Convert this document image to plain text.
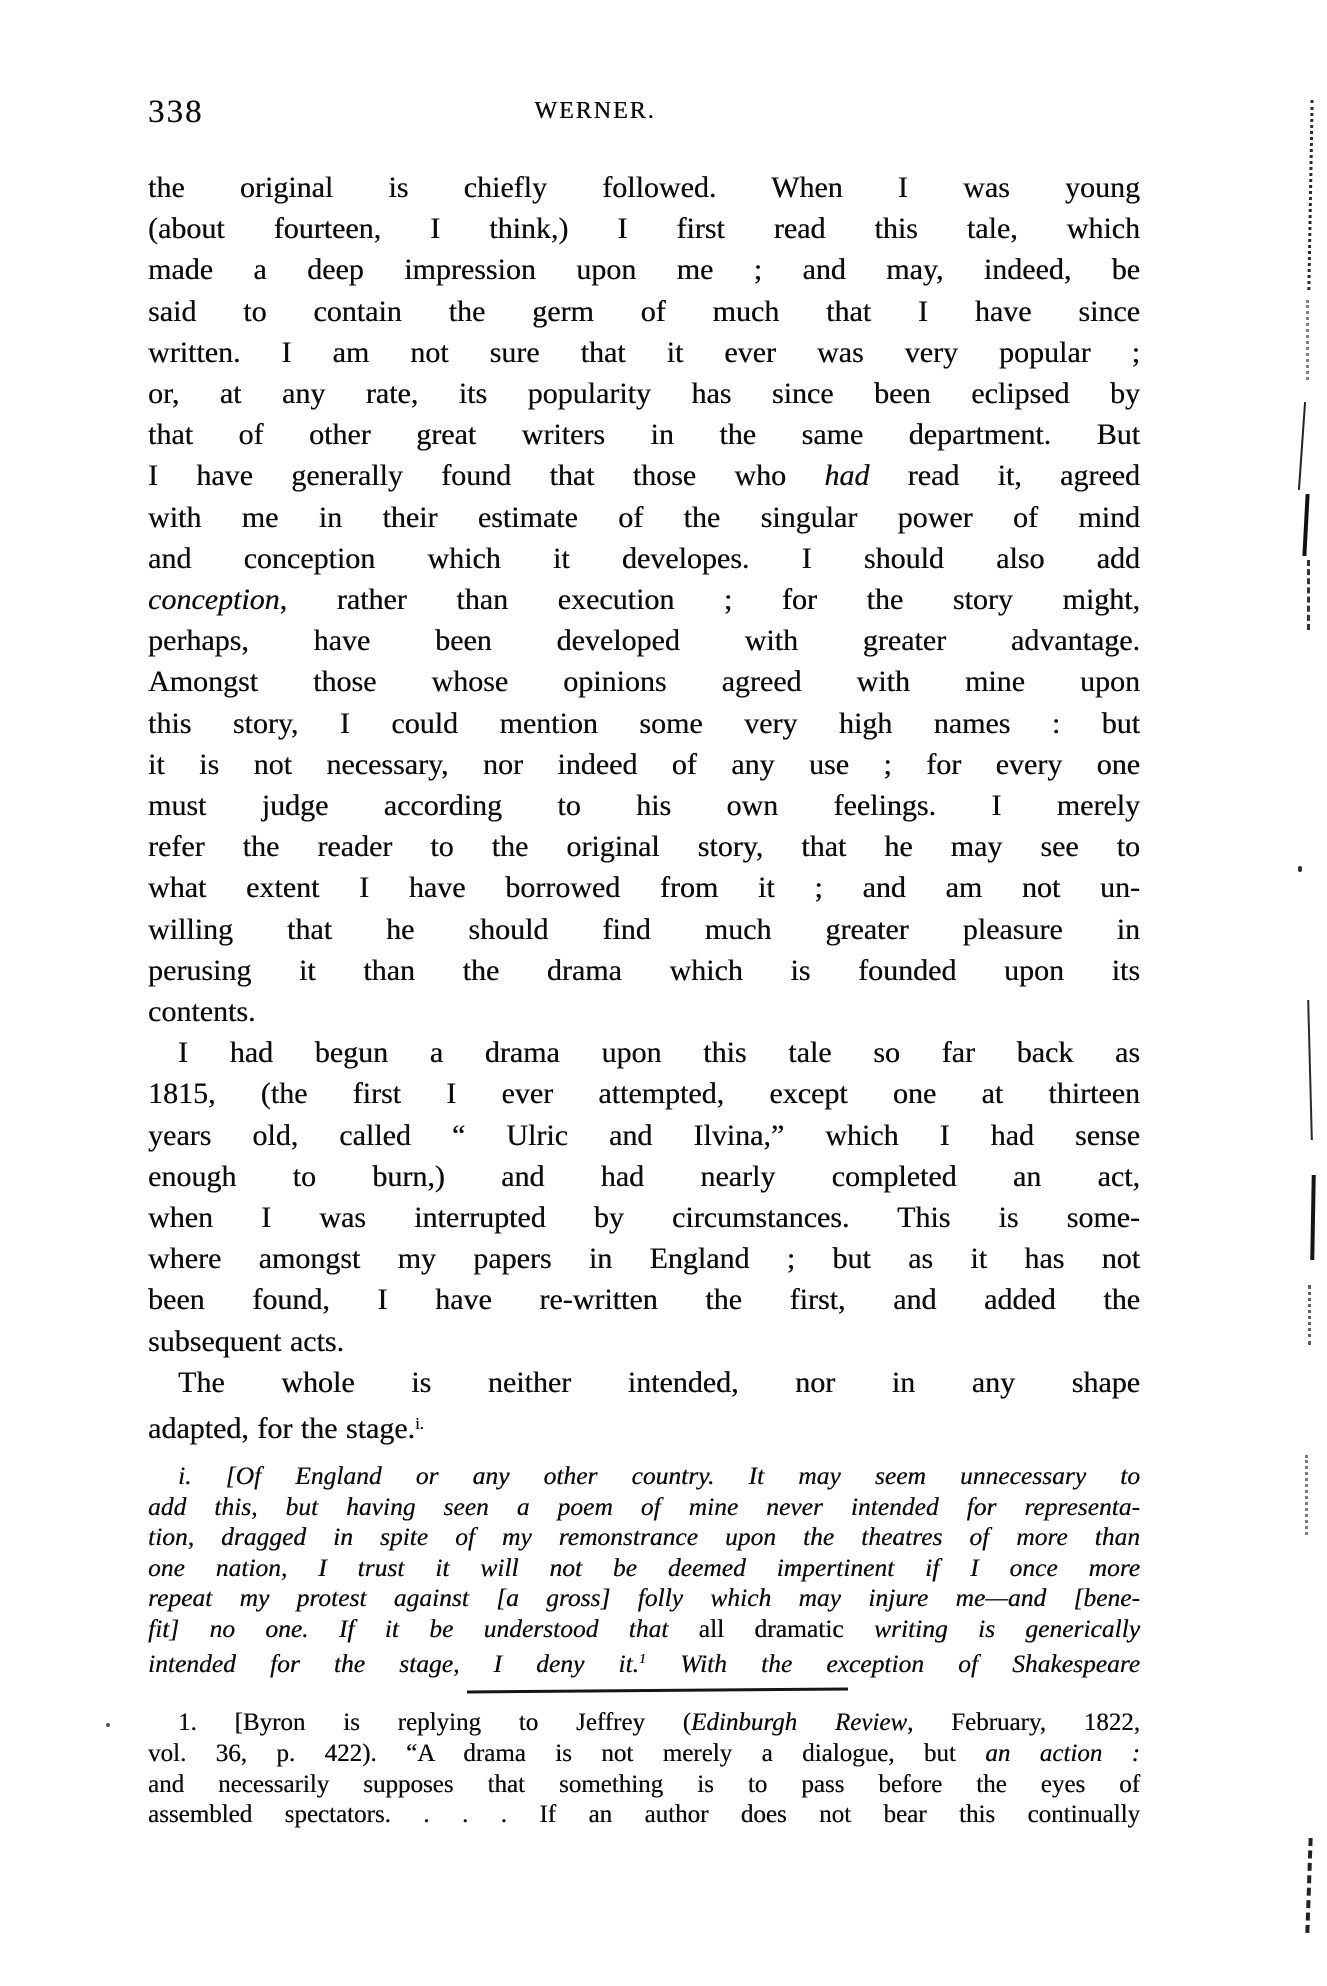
338	WERNER.
the original is chiefly followed. When I was young
(about fourteen, I think,) I first read this tale, which
made a deep impression upon me ; and may, indeed, be
said to contain the germ of much that I have since
written. I am not sure that it ever was very popular ;
or, at any rate, its popularity has since been eclipsed by
that of other great writers in the same department. But
I have generally found that those who had read it, agreed
with me in their estimate of the singular power of mind
and conception which it developes. I should also add
conception, rather than execution ; for the story might,
perhaps, have been developed with greater advantage.
Amongst those whose opinions agreed with mine upon
this story, I could mention some very high names : but
it is not necessary, nor indeed of any use ; for every one
must judge according to his own feelings. I merely
refer the reader to the original story, that he may see to
what extent I have borrowed from it ; and am not un-
willing that he should find much greater pleasure in
perusing it than the drama which is founded upon its
contents.
I had begun a drama upon this tale so far back as
1815, (the first I ever attempted, except one at thirteen
years old, called “ Ulric and Ilvina,” which I had sense
enough to burn,) and had nearly completed an act,
when I was interrupted by circumstances. This is some-
where amongst my papers in England ; but as it has not
been found, I have re-written the first, and added the
subsequent acts.
The whole is neither intended, nor in any shape
adapted, for the stage.$^{i.}$
i. [Of England or any other country. It may seem unnecessary to
add this, but having seen a poem of mine never intended for representa-
tion, dragged in spite of my remonstrance upon the theatres of more than
one nation, I trust it will not be deemed impertinent if I once more
repeat my protest against [a gross] folly which may injure me—and [bene-
fit] no one. If it be understood that all dramatic writing is generically
intended for the stage, I deny it.$^1$ With the exception of Shakespeare
1. [Byron is replying to Jeffrey (Edinburgh Review, February, 1822,
vol. 36, p. 422). “A drama is not merely a dialogue, but an action :
and necessarily supposes that something is to pass before the eyes of
assembled spectators. . . . If an author does not bear this continually
